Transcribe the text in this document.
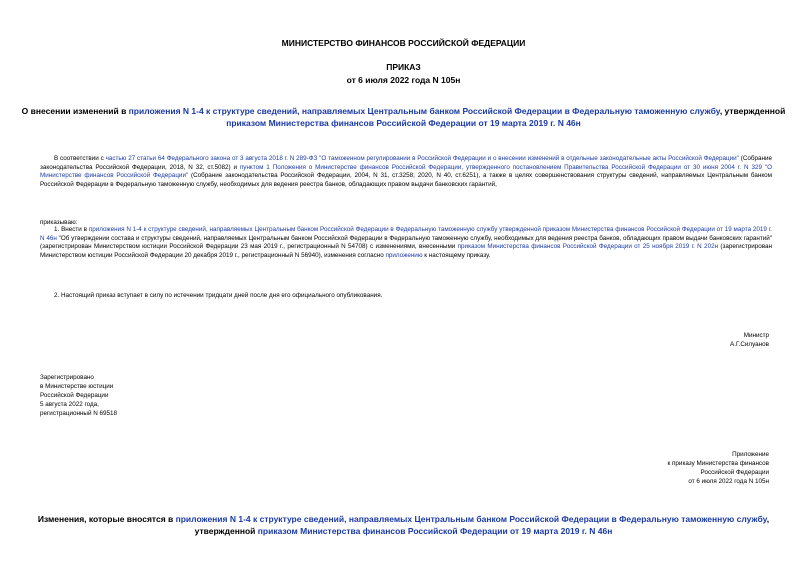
МИНИСТЕРСТВО ФИНАНСОВ РОССИЙСКОЙ ФЕДЕРАЦИИ
ПРИКАЗ
от 6 июля 2022 года N 105н
О внесении изменений в приложения N 1-4 к структуре сведений, направляемых Центральным банком Российской Федерации в Федеральную таможенную службу, утвержденной приказом Министерства финансов Российской Федерации от 19 марта 2019 г. N 46н
В соответствии с частью 27 статьи 64 Федерального закона от 3 августа 2018 г. N 289-ФЗ "О таможенном регулировании в Российской Федерации и о внесении изменений в отдельные законодательные акты Российской Федерации" (Собрание законодательства Российской Федерации, 2018, N 32, ст.5082) и пунктом 1 Положения о Министерстве финансов Российской Федерации, утвержденного постановлением Правительства Российской Федерации от 30 июня 2004 г. N 329 "О Министерстве финансов Российской Федерации" (Собрание законодательства Российской Федерации, 2004, N 31, ст.3258; 2020, N 40, ст.6251), а также в целях совершенствования структуры сведений, направляемых Центральным банком Российской Федерации в Федеральную таможенную службу, необходимых для ведения реестра банков, обладающих правом выдачи банковских гарантий,
приказываю:
1. Внести в приложения N 1-4 к структуре сведений, направляемых Центральным банком Российской Федерации в Федеральную таможенную службу утвержденной приказом Министерства финансов Российской Федерации от 19 марта 2019 г. N 46н "Об утверждении состава и структуры сведений, направляемых Центральным банком Российской Федерации в Федеральную таможенную службу, необходимых для ведения реестра банков, обладающих правом выдачи банковских гарантий" (зарегистрирован Министерством юстиции Российской Федерации 23 мая 2019 г., регистрационный N 54708) с изменениями, внесенными приказом Министерства финансов Российской Федерации от 25 ноября 2019 г. N 202н (зарегистрирован Министерством юстиции Российской Федерации 20 декабря 2019 г., регистрационный N 56940), изменения согласно приложению к настоящему приказу.
2. Настоящий приказ вступает в силу по истечении тридцати дней после дня его официального опубликования.
Министр
А.Г.Силуанов
Зарегистрировано
в Министерстве юстиции
Российской Федерации
5 августа 2022 года,
регистрационный N 69518
Приложение
к приказу Министерства финансов
Российской Федерации
от 6 июля 2022 года N 105н
Изменения, которые вносятся в приложения N 1-4 к структуре сведений, направляемых Центральным банком Российской Федерации в Федеральную таможенную службу, утвержденной приказом Министерства финансов Российской Федерации от 19 марта 2019 г. N 46н
